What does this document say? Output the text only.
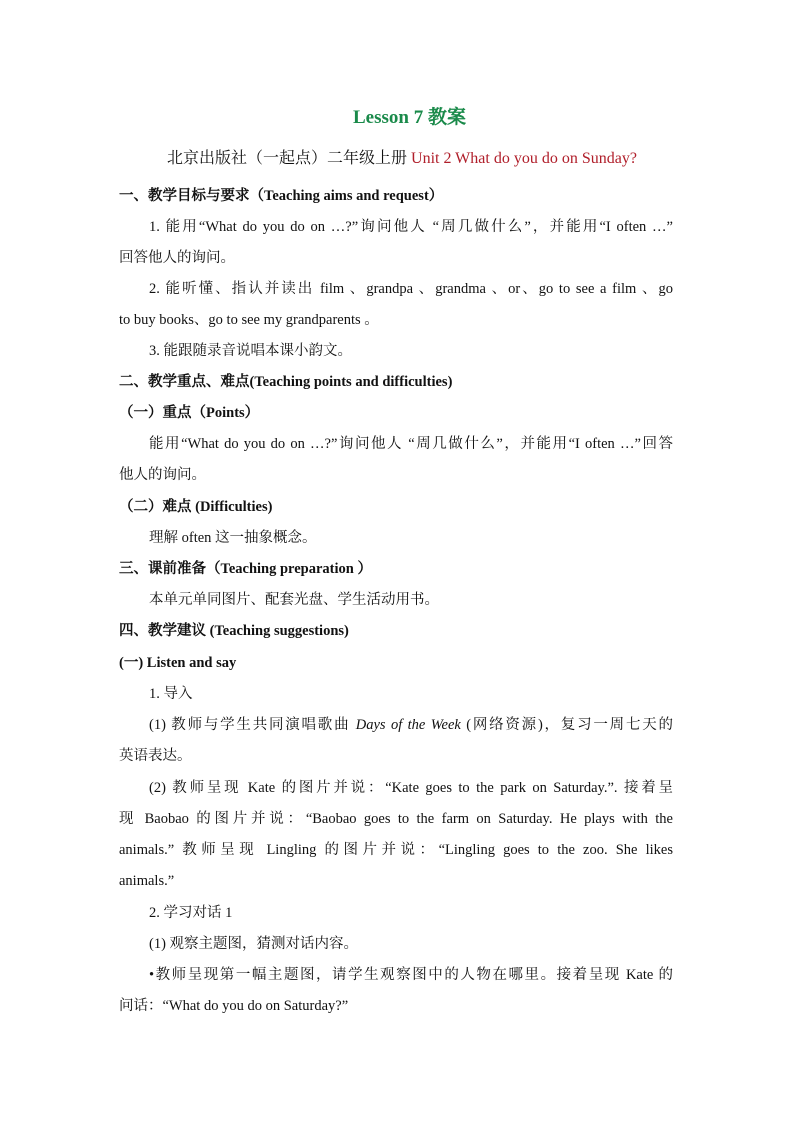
Lesson 7 教案
北京出版社（一起点）二年级上册 Unit 2 What do you do on Sunday?
一、教学目标与要求（Teaching aims and request）
1. 能用“What do you do on …?”询问他人 “周几做什么”，并能用“I often …”
回答他人的询问。
2. 能听懂、指认并读出 film 、grandpa 、grandma 、or、go to see a film 、go
to buy books、go to see my grandparents 。
3. 能跟随录音说唱本课小韵文。
二、教学重点、难点(Teaching points and difficulties)
（一）重点（Points）
能用“What do you do on …?”询问他人 “周几做什么”，并能用“I often …”回答
他人的询问。
（二）难点 (Difficulties)
理解 often 这一抽象概念。
三、课前准备（Teaching preparation ）
本单元单同图片、配套光盘、学生活动用书。
四、教学建议 (Teaching suggestions)
(一) Listen and say
1. 导入
(1) 教师与学生共同演唱歌曲 Days of the Week (网络资源)，复习一周七天的
英语表达。
(2) 教师呈现 Kate 的图片并说：“Kate goes to the park on Saturday.”. 接着呈
现 Baobao 的图片并说：“Baobao goes to the farm on Saturday. He plays with the
animals.” 教师呈现 Lingling 的图片并说：“Lingling goes to the zoo. She likes
animals.”
2. 学习对话 1
(1) 观察主题图，猜测对话内容。
•教师呈现第一幅主题图，请学生观察图中的人物在哪里。接着呈现 Kate 的
问话：“What do you do on Saturday?”
